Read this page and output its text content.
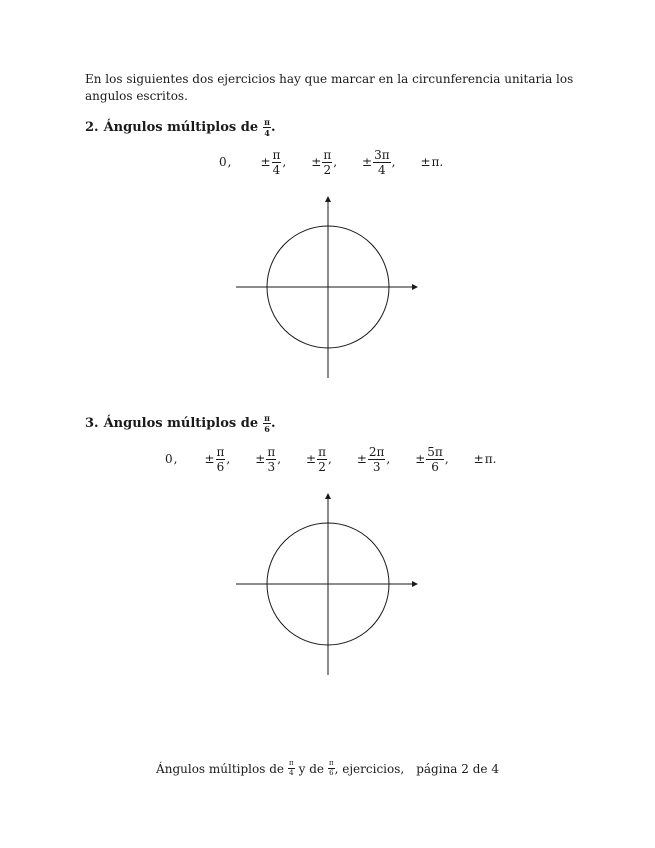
En los siguientes dos ejercicios hay que marcar en la circunferencia unitaria los angulos escritos.
2. Ángulos múltiplos de $\frac{\pi}{4}$ .
0 , ± $\frac{\pi}{4}$ , ± $\frac{\pi}{2}$ , ± $\frac{3\pi}{4}$ , ± π .
3. Ángulos múltiplos de $\frac{\pi}{6}$ .
0 , ± $\frac{\pi}{6}$ , ± $\frac{\pi}{3}$ , ± $\frac{\pi}{2}$ , ± $\frac{2\pi}{3}$ , ± $\frac{5\pi}{6}$ , ± π .
Ángulos múltiplos de $\frac{\pi}{4}$ y de $\frac{\pi}{6}$ , ejercicios, página 2 de 4
